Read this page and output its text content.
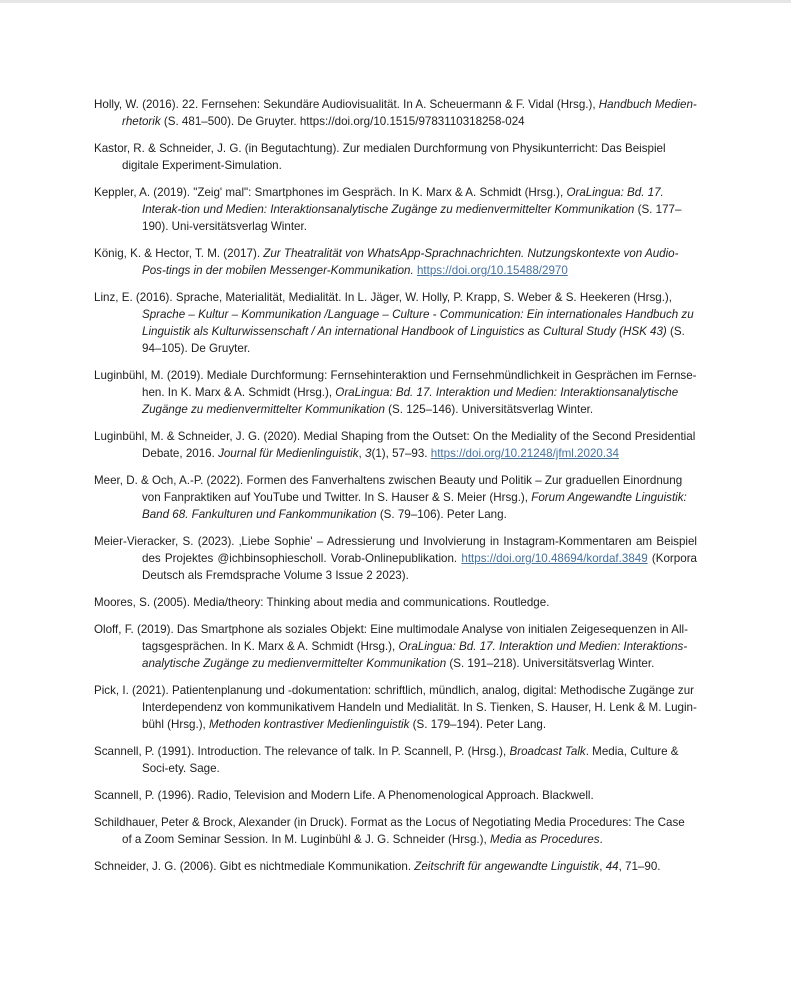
Holly, W. (2016). 22. Fernsehen: Sekundäre Audiovisualität. In A. Scheuermann & F. Vidal (Hrsg.), Handbuch Medien-rhetorik (S. 481–500). De Gruyter. https://doi.org/10.1515/9783110318258-024

Kastor, R. & Schneider, J. G. (in Begutachtung). Zur medialen Durchformung von Physikunterricht: Das Beispiel digitale Experiment-Simulation.

Keppler, A. (2019). "Zeig' mal": Smartphones im Gespräch. In K. Marx & A. Schmidt (Hrsg.), OraLingua: Bd. 17. Interak-tion und Medien: Interaktionsanalytische Zugänge zu medienvermittelter Kommunikation (S. 177–190). Uni-versitätsverlag Winter.

König, K. & Hector, T. M. (2017). Zur Theatralität von WhatsApp-Sprachnachrichten. Nutzungskontexte von Audio-Pos-tings in der mobilen Messenger-Kommunikation. https://doi.org/10.15488/2970

Linz, E. (2016). Sprache, Materialität, Medialität. In L. Jäger, W. Holly, P. Krapp, S. Weber & S. Heekeren (Hrsg.), Sprache – Kultur – Kommunikation /Language – Culture - Communication: Ein internationales Handbuch zu Linguistik als Kulturwissenschaft / An international Handbook of Linguistics as Cultural Study (HSK 43) (S. 94–105). De Gruyter.

Luginbühl, M. (2019). Mediale Durchformung: Fernsehinteraktion und Fernsehmündlichkeit in Gesprächen im Fernse-hen. In K. Marx & A. Schmidt (Hrsg.), OraLingua: Bd. 17. Interaktion und Medien: Interaktionsanalytische Zugänge zu medienvermittelter Kommunikation (S. 125–146). Universitätsverlag Winter.

Luginbühl, M. & Schneider, J. G. (2020). Medial Shaping from the Outset: On the Mediality of the Second Presidential Debate, 2016. Journal für Medienlinguistik, 3(1), 57–93. https://doi.org/10.21248/jfml.2020.34

Meer, D. & Och, A.-P. (2022). Formen des Fanverhaltens zwischen Beauty und Politik – Zur graduellen Einordnung von Fanpraktiken auf YouTube und Twitter. In S. Hauser & S. Meier (Hrsg.), Forum Angewandte Linguistik: Band 68. Fankulturen und Fankommunikation (S. 79–106). Peter Lang.

Meier-Vieracker, S. (2023). ‚Liebe Sophie' – Adressierung und Involvierung in Instagram-Kommentaren am Beispiel des Projektes @ichbinsophiescholl. Vorab-Onlinepublikation. https://doi.org/10.48694/kordaf.3849 (Korpora Deutsch als Fremdsprache Volume 3 Issue 2 2023).

Moores, S. (2005). Media/theory: Thinking about media and communications. Routledge.

Oloff, F. (2019). Das Smartphone als soziales Objekt: Eine multimodale Analyse von initialen Zeigesequenzen in All-tagsgesprächen. In K. Marx & A. Schmidt (Hrsg.), OraLingua: Bd. 17. Interaktion und Medien: Interaktions-analytische Zugänge zu medienvermittelter Kommunikation (S. 191–218). Universitätsverlag Winter.

Pick, I. (2021). Patientenplanung und -dokumentation: schriftlich, mündlich, analog, digital: Methodische Zugänge zur Interdependenz von kommunikativem Handeln und Medialität. In S. Tienken, S. Hauser, H. Lenk & M. Lugin-bühl (Hrsg.), Methoden kontrastiver Medienlinguistik (S. 179–194). Peter Lang.

Scannell, P. (1991). Introduction. The relevance of talk. In P. Scannell, P. (Hrsg.), Broadcast Talk. Media, Culture & Soci-ety. Sage.

Scannell, P. (1996). Radio, Television and Modern Life. A Phenomenological Approach. Blackwell.

Schildhauer, Peter & Brock, Alexander (in Druck). Format as the Locus of Negotiating Media Procedures: The Case of a Zoom Seminar Session. In M. Luginbühl & J. G. Schneider (Hrsg.), Media as Procedures.

Schneider, J. G. (2006). Gibt es nichtmediale Kommunikation. Zeitschrift für angewandte Linguistik, 44, 71–90.
